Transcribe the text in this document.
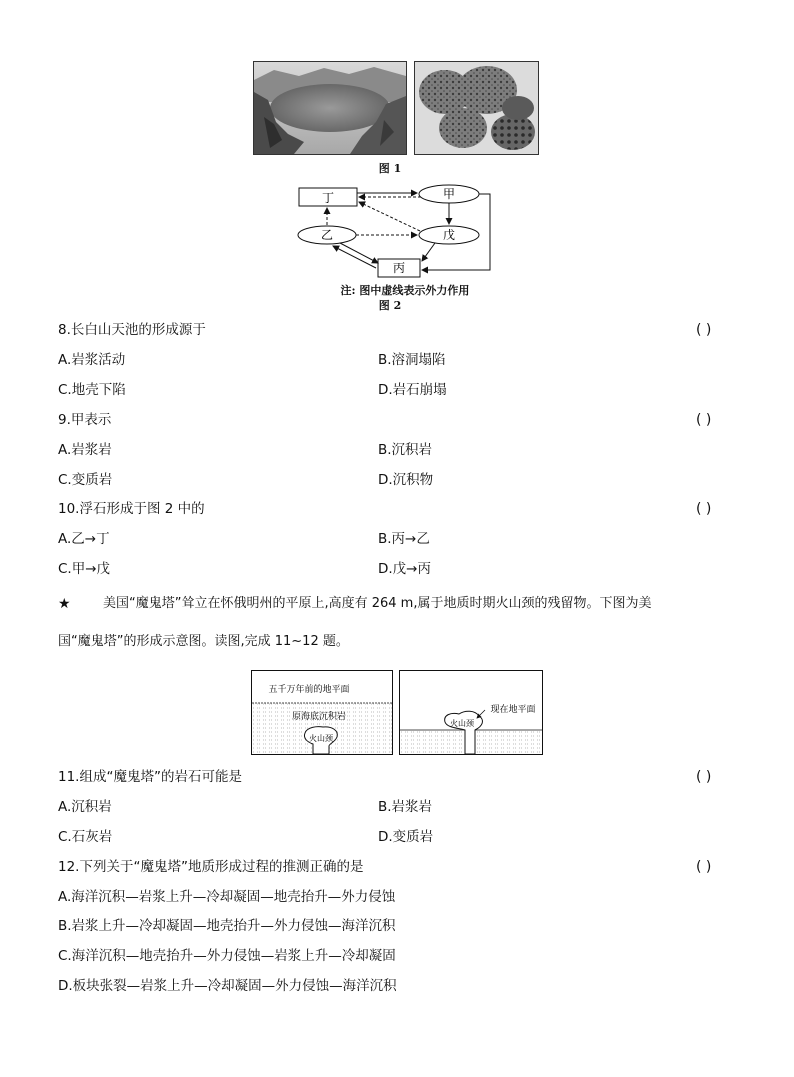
图 1
丁	甲
乙	戊
丙
注: 图中虚线表示外力作用
图 2
8.长白山天池的形成源于	( )
A.岩浆活动	B.溶洞塌陷
C.地壳下陷	D.岩石崩塌
9.甲表示	( )
A.岩浆岩	B.沉积岩
C.变质岩	D.沉积物
10.浮石形成于图 2 中的	( )
A.乙→丁	B.丙→乙
C.甲→戊	D.戊→丙
★ 美国“魔鬼塔”耸立在怀俄明州的平原上,高度有 264 m,属于地质时期火山颈的残留物。下图为美
国“魔鬼塔”的形成示意图。读图,完成 11~12 题。
五千万年前的地平面
原海底沉积岩
火山颈
现在地平面
火山颈
11.组成“魔鬼塔”的岩石可能是	( )
A.沉积岩	B.岩浆岩
C.石灰岩	D.变质岩
12.下列关于“魔鬼塔”地质形成过程的推测正确的是	( )
A.海洋沉积—岩浆上升—冷却凝固—地壳抬升—外力侵蚀
B.岩浆上升—冷却凝固—地壳抬升—外力侵蚀—海洋沉积
C.海洋沉积—地壳抬升—外力侵蚀—岩浆上升—冷却凝固
D.板块张裂—岩浆上升—冷却凝固—外力侵蚀—海洋沉积
